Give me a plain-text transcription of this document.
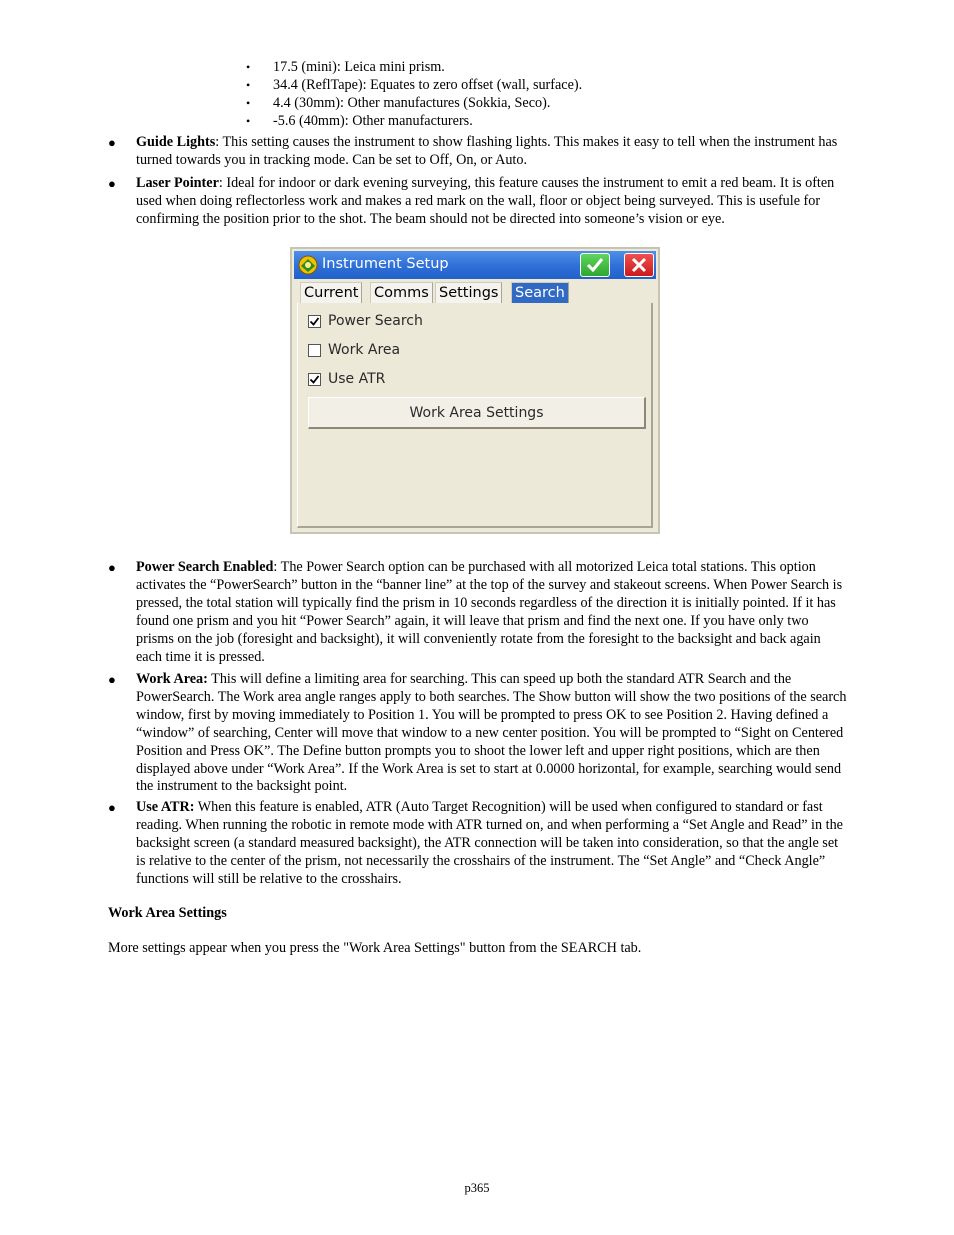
• 17.5 (mini): Leica mini prism.
• 34.4 (ReflTape): Equates to zero offset (wall, surface).
• 4.4 (30mm): Other manufactures (Sokkia, Seco).
• -5.6 (40mm): Other manufacturers.
● Guide Lights: This setting causes the instrument to show flashing lights. This makes it easy to tell when the instrument has turned towards you in tracking mode. Can be set to Off, On, or Auto.
● Laser Pointer: Ideal for indoor or dark evening surveying, this feature causes the instrument to emit a red beam. It is often used when doing reflectorless work and makes a red mark on the wall, floor or object being surveyed. This is usefule for confirming the position prior to the shot. The beam should not be directed into someone’s vision or eye.
Instrument Setup
Current Comms Settings Search
Power Search
Work Area
Use ATR
Work Area Settings
● Power Search Enabled: The Power Search option can be purchased with all motorized Leica total stations. This option activates the “PowerSearch” button in the “banner line” at the top of the survey and stakeout screens. When Power Search is pressed, the total station will typically find the prism in 10 seconds regardless of the direction it is initially pointed. If it has found one prism and you hit “Power Search” again, it will leave that prism and find the next one. If you have only two prisms on the job (foresight and backsight), it will conveniently rotate from the foresight to the backsight and back again each time it is pressed.
● Work Area: This will define a limiting area for searching. This can speed up both the standard ATR Search and the PowerSearch. The Work area angle ranges apply to both searches. The Show button will show the two positions of the search window, first by moving immediately to Position 1. You will be prompted to press OK to see Position 2. Having defined a “window” of searching, Center will move that window to a new center position. You will be prompted to “Sight on Centered Position and Press OK”. The Define button prompts you to shoot the lower left and upper right positions, which are then displayed above under “Work Area”. If the Work Area is set to start at 0.0000 horizontal, for example, searching would send the instrument to the backsight point.
● Use ATR: When this feature is enabled, ATR (Auto Target Recognition) will be used when configured to standard or fast reading. When running the robotic in remote mode with ATR turned on, and when performing a “Set Angle and Read” in the backsight screen (a standard measured backsight), the ATR connection will be taken into consideration, so that the angle set is relative to the center of the prism, not necessarily the crosshairs of the instrument. The “Set Angle” and “Check Angle” functions will still be relative to the crosshairs.
Work Area Settings
More settings appear when you press the "Work Area Settings" button from the SEARCH tab.
p365
